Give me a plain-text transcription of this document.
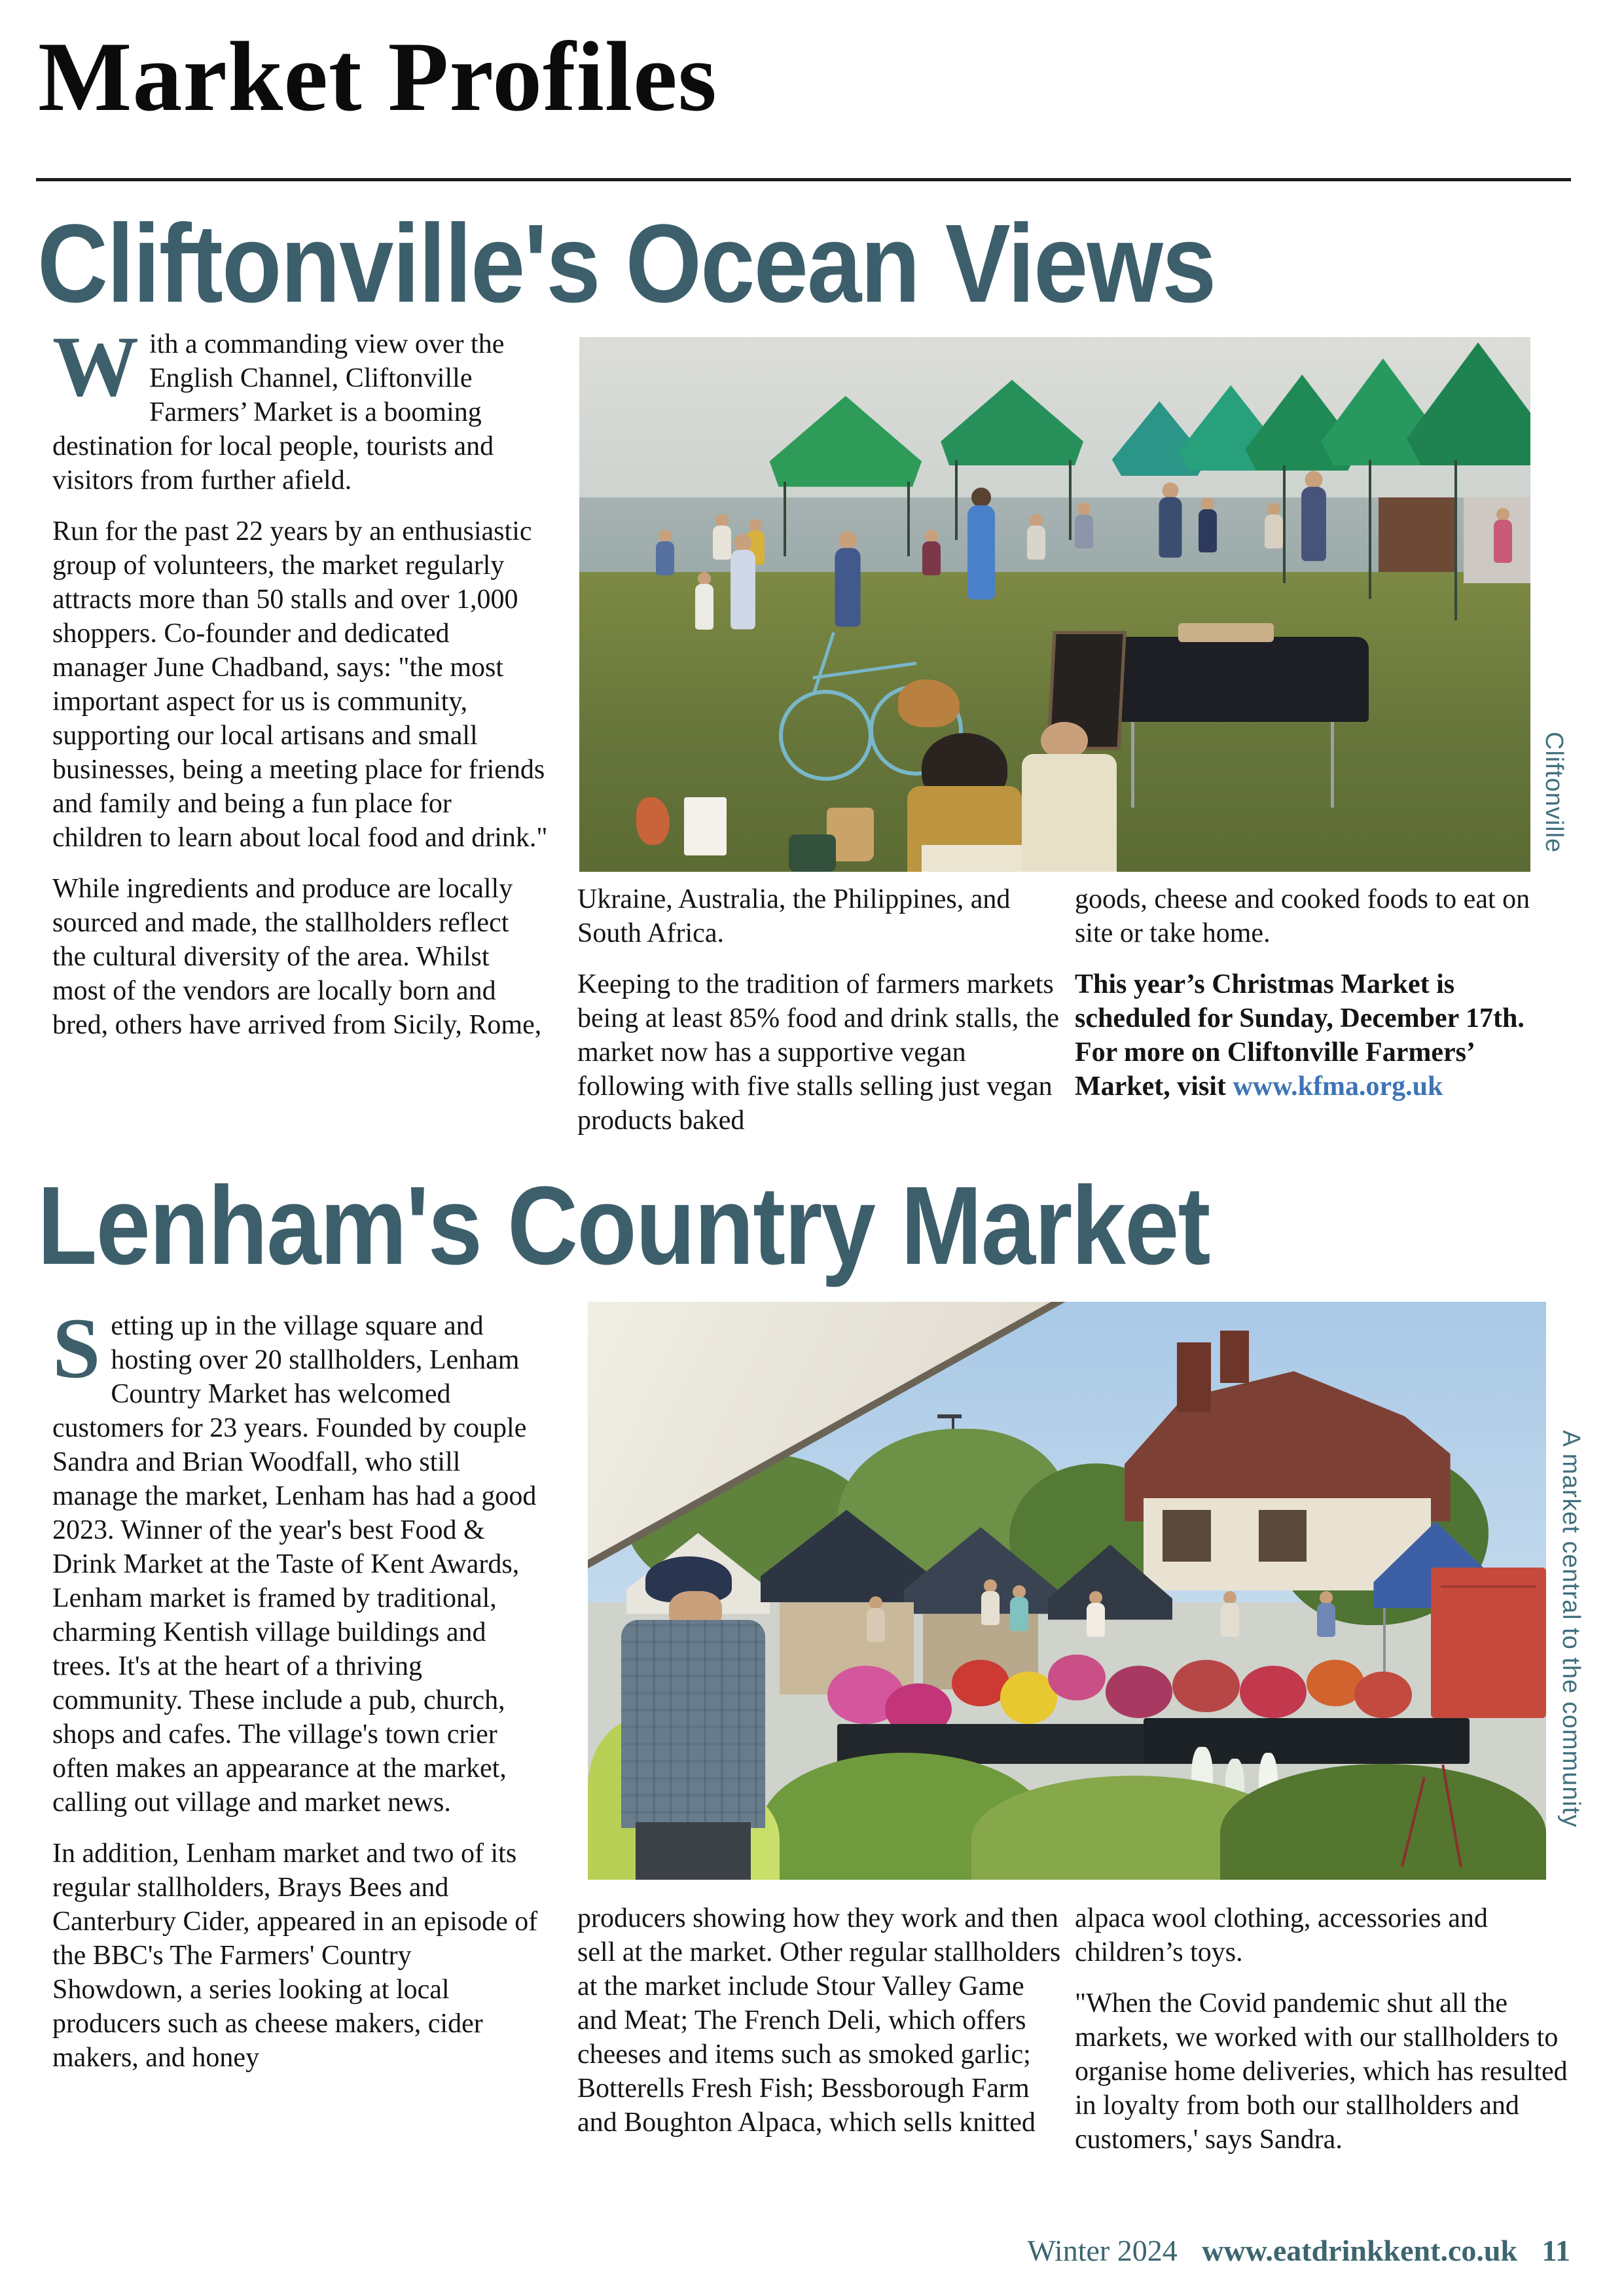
Market Profiles
Cliftonville's Ocean Views

With a commanding view over the English Channel, Cliftonville Farmers’ Market is a booming destination for local people, tourists and visitors from further afield.

Run for the past 22 years by an enthusiastic group of volunteers, the market regularly attracts more than 50 stalls and over 1,000 shoppers. Co-founder and dedicated manager June Chadband, says: "the most important aspect for us is community, supporting our local artisans and small businesses, being a meeting place for friends and family and being a fun place for children to learn about local food and drink."

While ingredients and produce are locally sourced and made, the stallholders reflect the cultural diversity of the area. Whilst most of the vendors are locally born and bred, others have arrived from Sicily, Rome,

Cliftonville

Ukraine, Australia, the Philippines, and South Africa.

Keeping to the tradition of farmers markets being at least 85% food and drink stalls, the market now has a supportive vegan following with five stalls selling just vegan products baked

goods, cheese and cooked foods to eat on site or take home.

This year’s Christmas Market is scheduled for Sunday, December 17th. For more on Cliftonville Farmers’ Market, visit www.kfma.org.uk

Lenham's Country Market

Setting up in the village square and hosting over 20 stallholders, Lenham Country Market has welcomed customers for 23 years. Founded by couple Sandra and Brian Woodfall, who still manage the market, Lenham has had a good 2023. Winner of the year's best Food & Drink Market at the Taste of Kent Awards, Lenham market is framed by traditional, charming Kentish village buildings and trees. It's at the heart of a thriving community. These include a pub, church, shops and cafes. The village's town crier often makes an appearance at the market, calling out village and market news.

In addition, Lenham market and two of its regular stallholders, Brays Bees and Canterbury Cider, appeared in an episode of the BBC's The Farmers' Country Showdown, a series looking at local producers such as cheese makers, cider makers, and honey

A market central to the community

producers showing how they work and then sell at the market. Other regular stallholders at the market include Stour Valley Game and Meat; The French Deli, which offers cheeses and items such as smoked garlic; Botterells Fresh Fish; Bessborough Farm and Boughton Alpaca, which sells knitted

alpaca wool clothing, accessories and children’s toys.

"When the Covid pandemic shut all the markets, we worked with our stallholders to organise home deliveries, which has resulted in loyalty from both our stallholders and customers,' says Sandra.

Winter 2024 www.eatdrinkkent.co.uk 11
